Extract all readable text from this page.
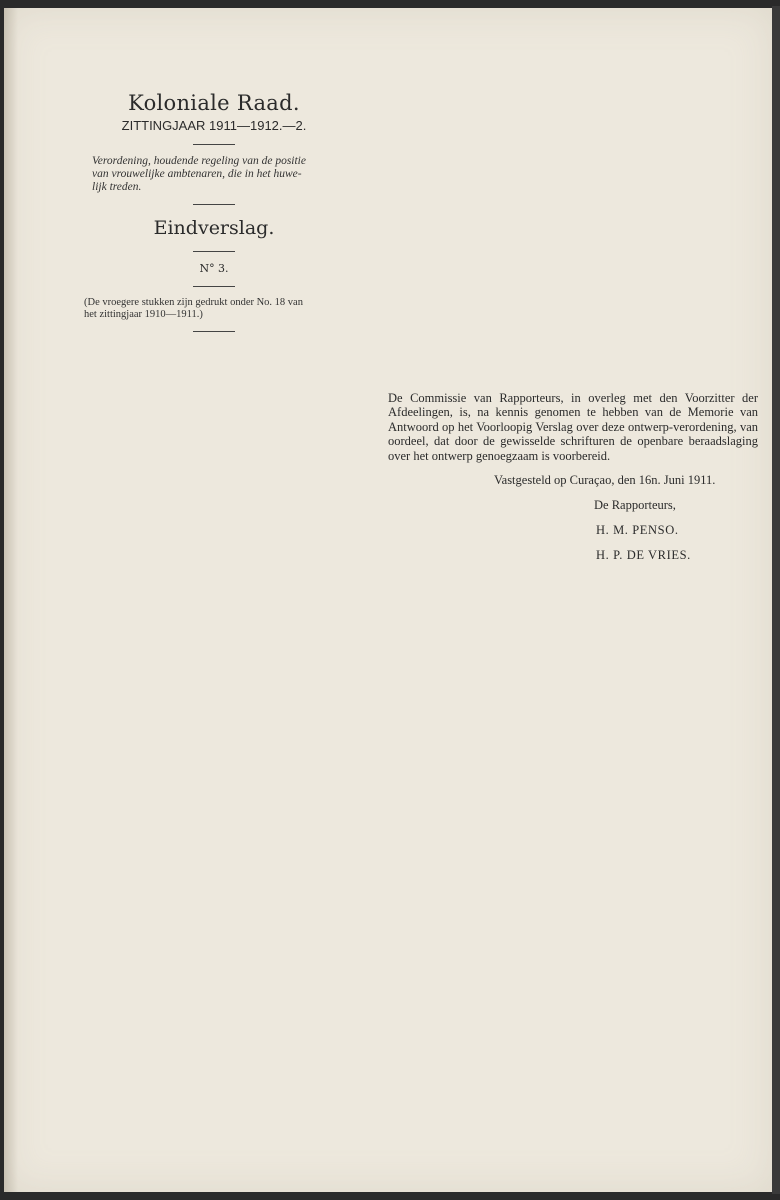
Koloniale Raad.

ZITTINGJAAR 1911—1912.—2.

Verordening, houdende regeling van de positie

van vrouwelijke ambtenaren, die in het huwe-

lijk treden.

Eindverslag.

N° 3.

(De vroegere stukken zijn gedrukt onder No. 18 van

het zittingjaar 1910—1911.)

De Commissie van Rapporteurs, in overleg met den Voorzitter der Afdeelingen, is, na kennis genomen te hebben van de Memorie van Antwoord op het Voorloopig Verslag over deze ontwerp-verordening, van oordeel, dat door de gewisselde schrifturen de openbare beraadslaging over het ontwerp genoegzaam is voorbereid.

Vastgesteld op Curaçao, den 16n. Juni 1911.

De Rapporteurs,

H. M. PENSO.

H. P. DE VRIES.
